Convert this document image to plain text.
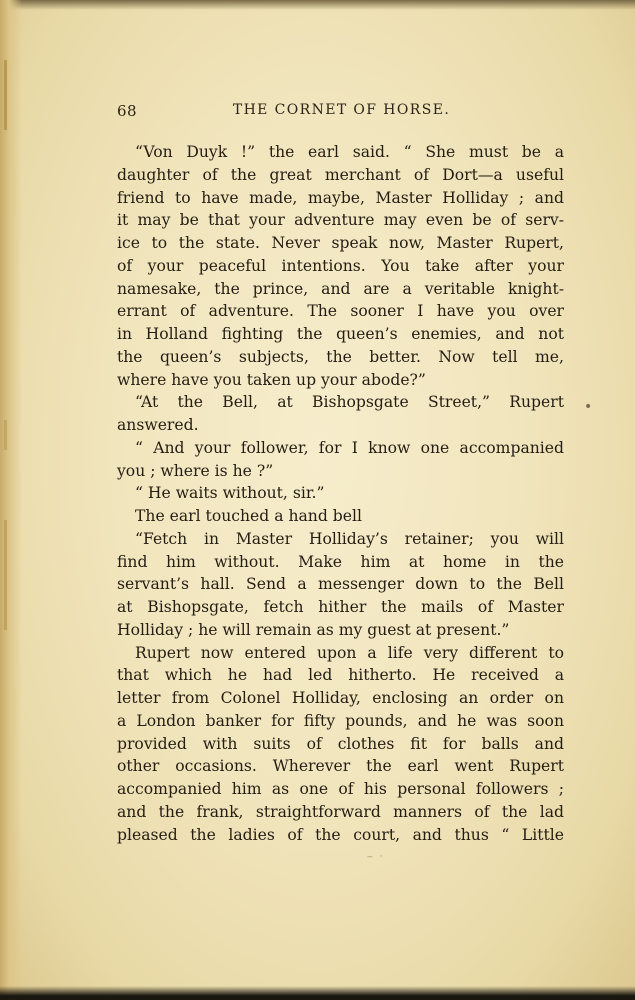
68	THE CORNET OF HORSE.
“Von Duyk !” the earl said. “ She must be a
daughter of the great merchant of Dort—a useful
friend to have made, maybe, Master Holliday ; and
it may be that your adventure may even be of serv-
ice to the state. Never speak now, Master Rupert,
of your peaceful intentions. You take after your
namesake, the prince, and are a veritable knight-
errant of adventure. The sooner I have you over
in Holland fighting the queen’s enemies, and not
the queen’s subjects, the better. Now tell me,
where have you taken up your abode?”
“At the Bell, at Bishopsgate Street,” Rupert
answered.
“ And your follower, for I know one accompanied
you ; where is he ?”
“ He waits without, sir.”
The earl touched a hand bell
“Fetch in Master Holliday’s retainer; you will
find him without. Make him at home in the
servant’s hall. Send a messenger down to the Bell
at Bishopsgate, fetch hither the mails of Master
Holliday ; he will remain as my guest at present.”
Rupert now entered upon a life very different to
that which he had led hitherto. He received a
letter from Colonel Holliday, enclosing an order on
a London banker for fifty pounds, and he was soon
provided with suits of clothes fit for balls and
other occasions. Wherever the earl went Rupert
accompanied him as one of his personal followers ;
and the frank, straightforward manners of the lad
pleased the ladies of the court, and thus “ Little
•
‒ ·
